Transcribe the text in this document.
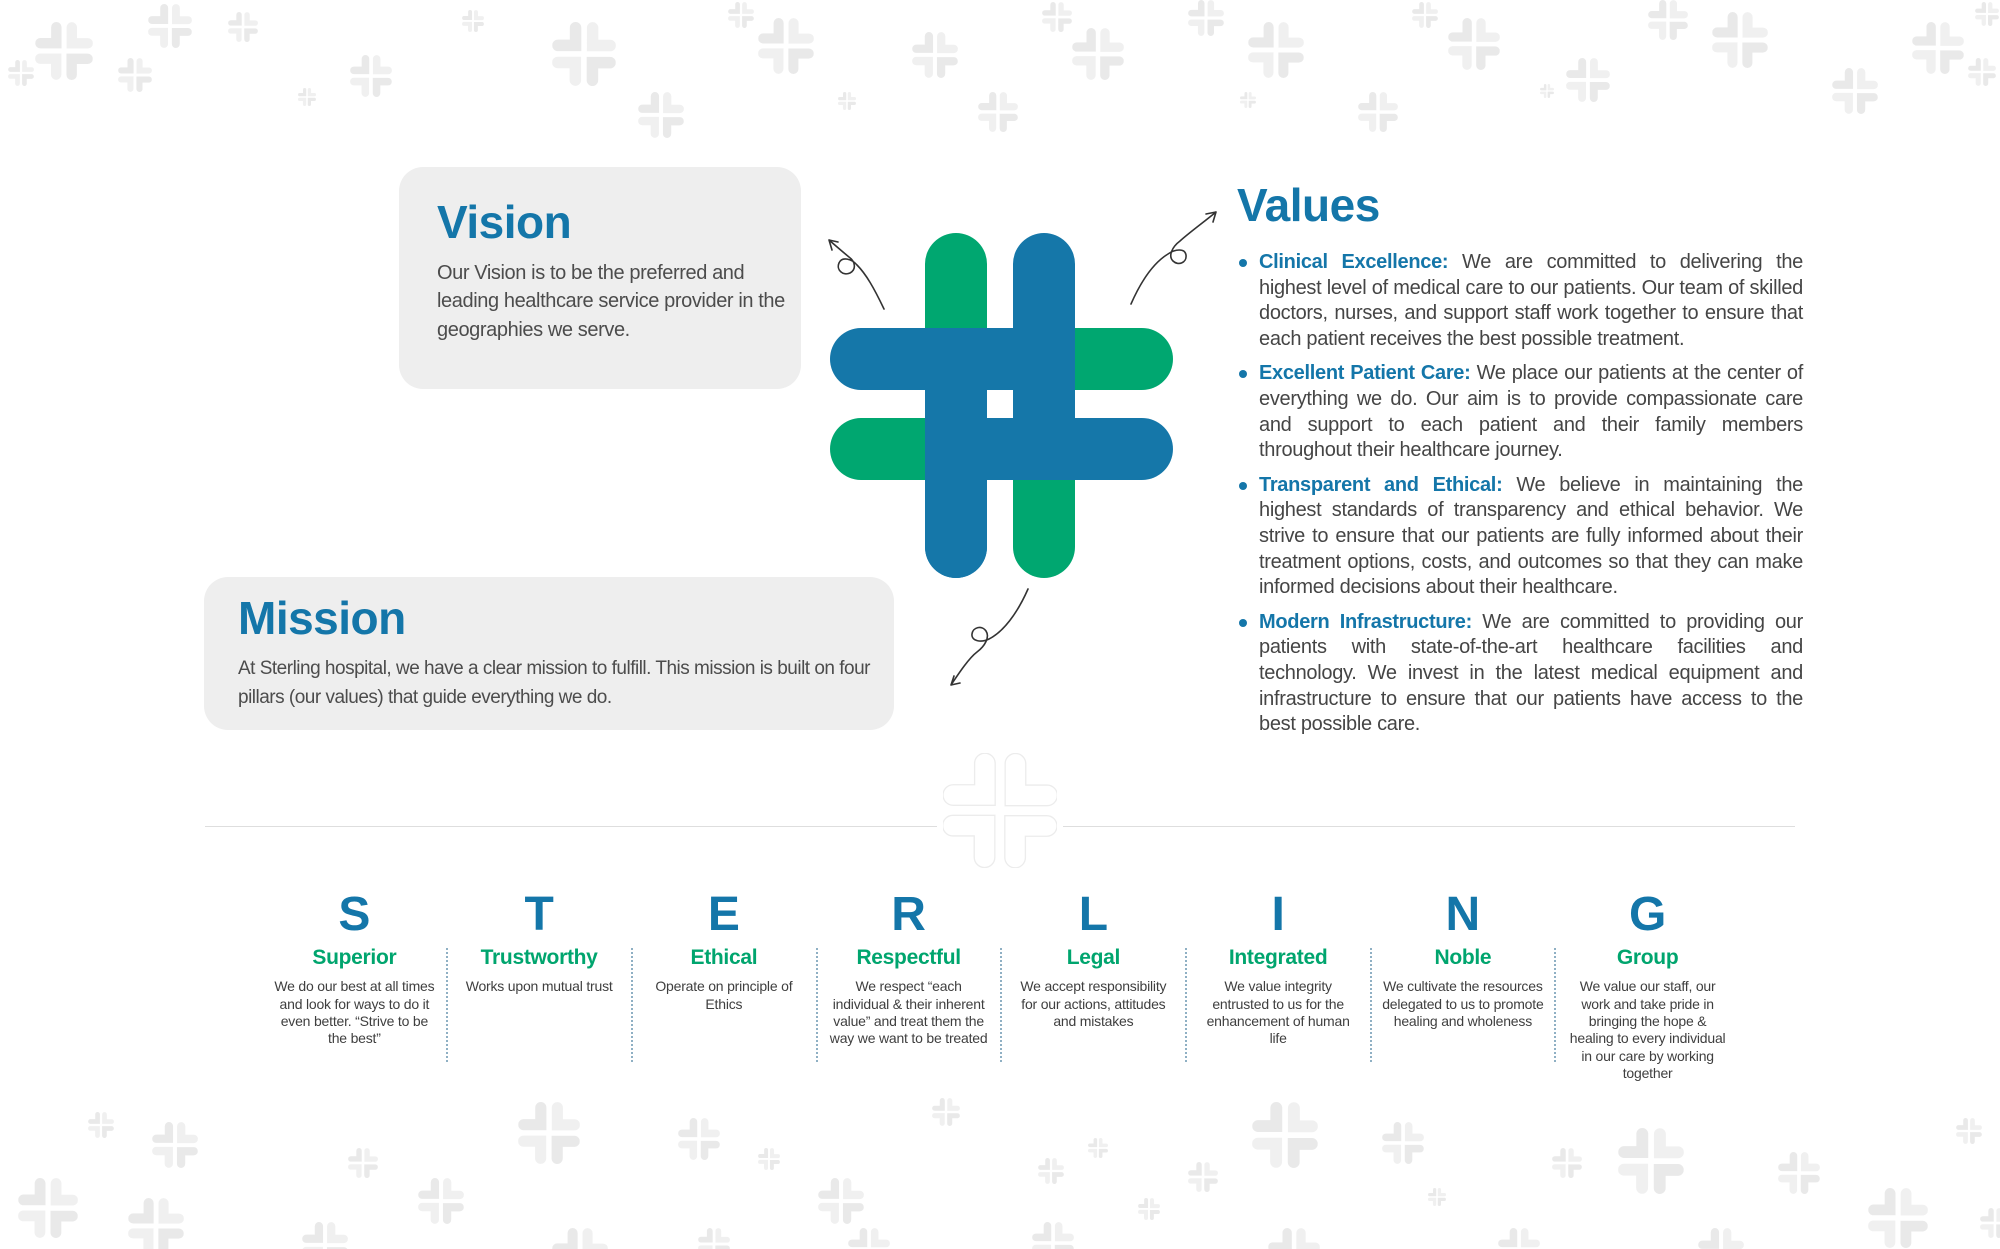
Vision
Our Vision is to be the preferred and leading healthcare service provider in the geographies we serve.
Mission
At Sterling hospital, we have a clear mission to fulfill. This mission is built on four pillars (our values) that guide everything we do.
Values
Clinical Excellence: We are committed to delivering the highest level of medical care to our patients. Our team of skilled doctors, nurses, and support staff work together to ensure that each patient receives the best possible treatment.
Excellent Patient Care: We place our patients at the center of everything we do. Our aim is to provide compassionate care and support to each patient and their family members throughout their healthcare journey.
Transparent and Ethical: We believe in maintaining the highest standards of transparency and ethical behavior. We strive to ensure that our patients are fully informed about their treatment options, costs, and outcomes so that they can make informed decisions about their healthcare.
Modern Infrastructure: We are committed to providing our patients with state-of-the-art healthcare facilities and technology. We invest in the latest medical equipment and infrastructure to ensure that our patients have access to the best possible care.
S
Superior
We do our best at all times and look for ways to do it even better. “Strive to be the best”
T
Trustworthy
Works upon mutual trust
E
Ethical
Operate on principle of Ethics
R
Respectful
We respect “each individual & their inherent value” and treat them the way we want to be treated
L
Legal
We accept responsibility for our actions, attitudes and mistakes
I
Integrated
We value integrity entrusted to us for the enhancement of human life
N
Noble
We cultivate the resources delegated to us to promote healing and wholeness
G
Group
We value our staff, our work and take pride in bringing the hope & healing to every individual in our care by working together
